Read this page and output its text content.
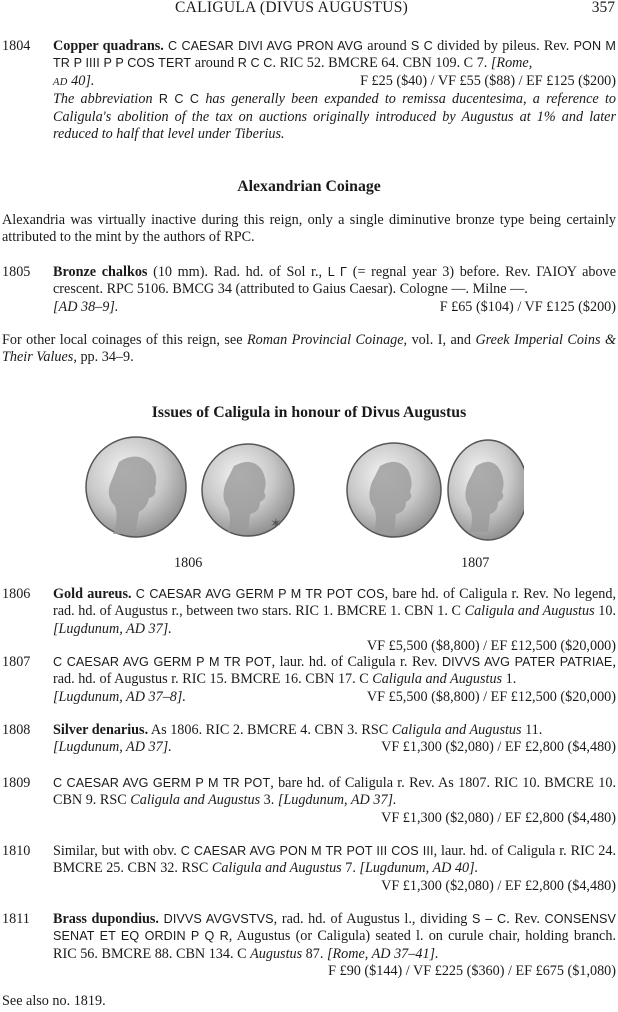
CALIGULA (DIVUS AUGUSTUS)	357
1804 Copper quadrans. C CAESAR DIVI AVG PRON AVG around S C divided by pileus. Rev. PON M TR P IIII P P COS TERT around R C C. RIC 52. BMCRE 64. CBN 109. C 7. [Rome,
AD 40].	F £25 ($40) / VF £55 ($88) / EF £125 ($200)
The abbreviation R C C has generally been expanded to remissa ducentesima, a reference to Caligula's abolition of the tax on auctions originally introduced by Augustus at 1% and later reduced to half that level under Tiberius.
Alexandrian Coinage
Alexandria was virtually inactive during this reign, only a single diminutive bronze type being certainly attributed to the mint by the authors of RPC.
1805 Bronze chalkos (10 mm). Rad. hd. of Sol r., L Γ (= regnal year 3) before. Rev. ΓΑΙΟΥ above crescent. RPC 5106. BMCG 34 (attributed to Gaius Caesar). Cologne —. Milne —.
[AD 38–9].	F £65 ($104) / VF £125 ($200)
For other local coinages of this reign, see Roman Provincial Coinage, vol. I, and Greek Imperial Coins & Their Values, pp. 34–9.
Issues of Caligula in honour of Divus Augustus
✶
1806	1807
1806 Gold aureus. C CAESAR AVG GERM P M TR POT COS, bare hd. of Caligula r. Rev. No legend, rad. hd. of Augustus r., between two stars. RIC 1. BMCRE 1. CBN 1. C Caligula and Augustus 10. [Lugdunum, AD 37].
VF £5,500 ($8,800) / EF £12,500 ($20,000)
1807 C CAESAR AVG GERM P M TR POT, laur. hd. of Caligula r. Rev. DIVVS AVG PATER PATRIAE, rad. hd. of Augustus r. RIC 15. BMCRE 16. CBN 17. C Caligula and Augustus 1.
[Lugdunum, AD 37–8].	VF £5,500 ($8,800) / EF £12,500 ($20,000)
1808 Silver denarius. As 1806. RIC 2. BMCRE 4. CBN 3. RSC Caligula and Augustus 11.
[Lugdunum, AD 37].	VF £1,300 ($2,080) / EF £2,800 ($4,480)
1809 C CAESAR AVG GERM P M TR POT, bare hd. of Caligula r. Rev. As 1807. RIC 10. BMCRE 10. CBN 9. RSC Caligula and Augustus 3. [Lugdunum, AD 37].
VF £1,300 ($2,080) / EF £2,800 ($4,480)
1810 Similar, but with obv. C CAESAR AVG PON M TR POT III COS III, laur. hd. of Caligula r. RIC 24. BMCRE 25. CBN 32. RSC Caligula and Augustus 7. [Lugdunum, AD 40].
VF £1,300 ($2,080) / EF £2,800 ($4,480)
1811 Brass dupondius. DIVVS AVGVSTVS, rad. hd. of Augustus l., dividing S – C. Rev. CONSENSV SENAT ET EQ ORDIN P Q R, Augustus (or Caligula) seated l. on curule chair, holding branch. RIC 56. BMCRE 88. CBN 134. C Augustus 87. [Rome, AD 37–41].
F £90 ($144) / VF £225 ($360) / EF £675 ($1,080)
See also no. 1819.
